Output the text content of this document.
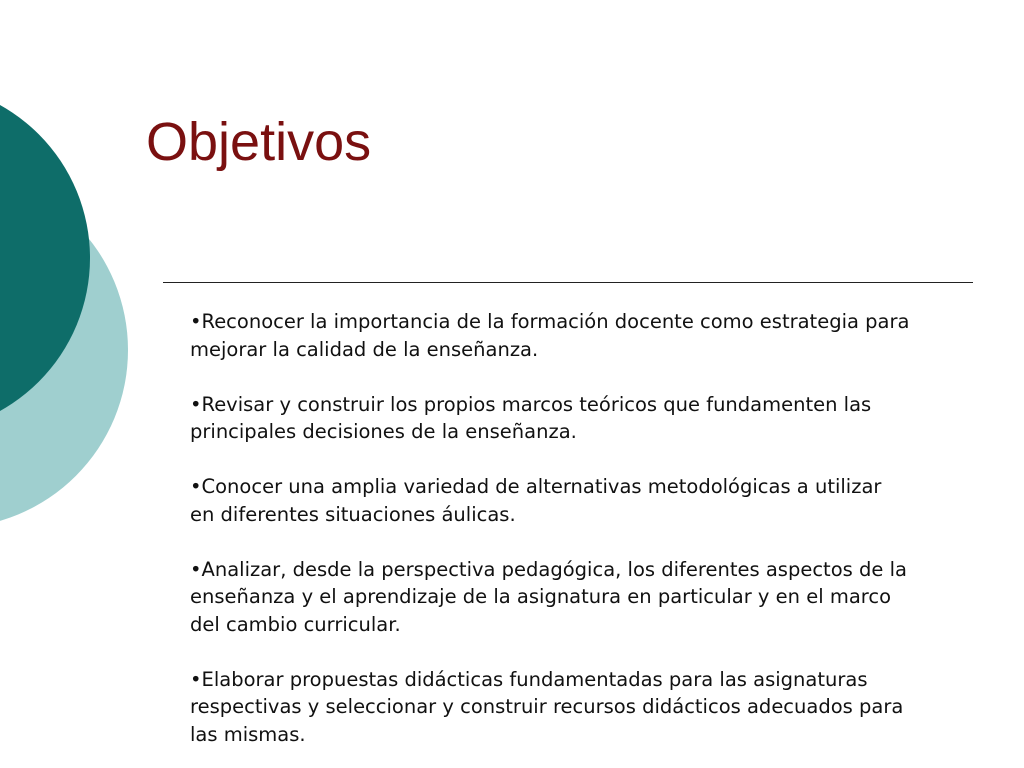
Objetivos
•Reconocer la importancia de la formación docente como estrategia para mejorar la calidad de la enseñanza.
•Revisar y construir los propios marcos teóricos que fundamenten las principales decisiones de la enseñanza.
•Conocer una amplia variedad de alternativas metodológicas a utilizar en diferentes situaciones áulicas.
•Analizar, desde la perspectiva pedagógica, los diferentes aspectos de la enseñanza y el aprendizaje de la asignatura en particular y en el marco del cambio curricular.
•Elaborar propuestas didácticas fundamentadas para las asignaturas respectivas y seleccionar y construir recursos didácticos adecuados para las mismas.
